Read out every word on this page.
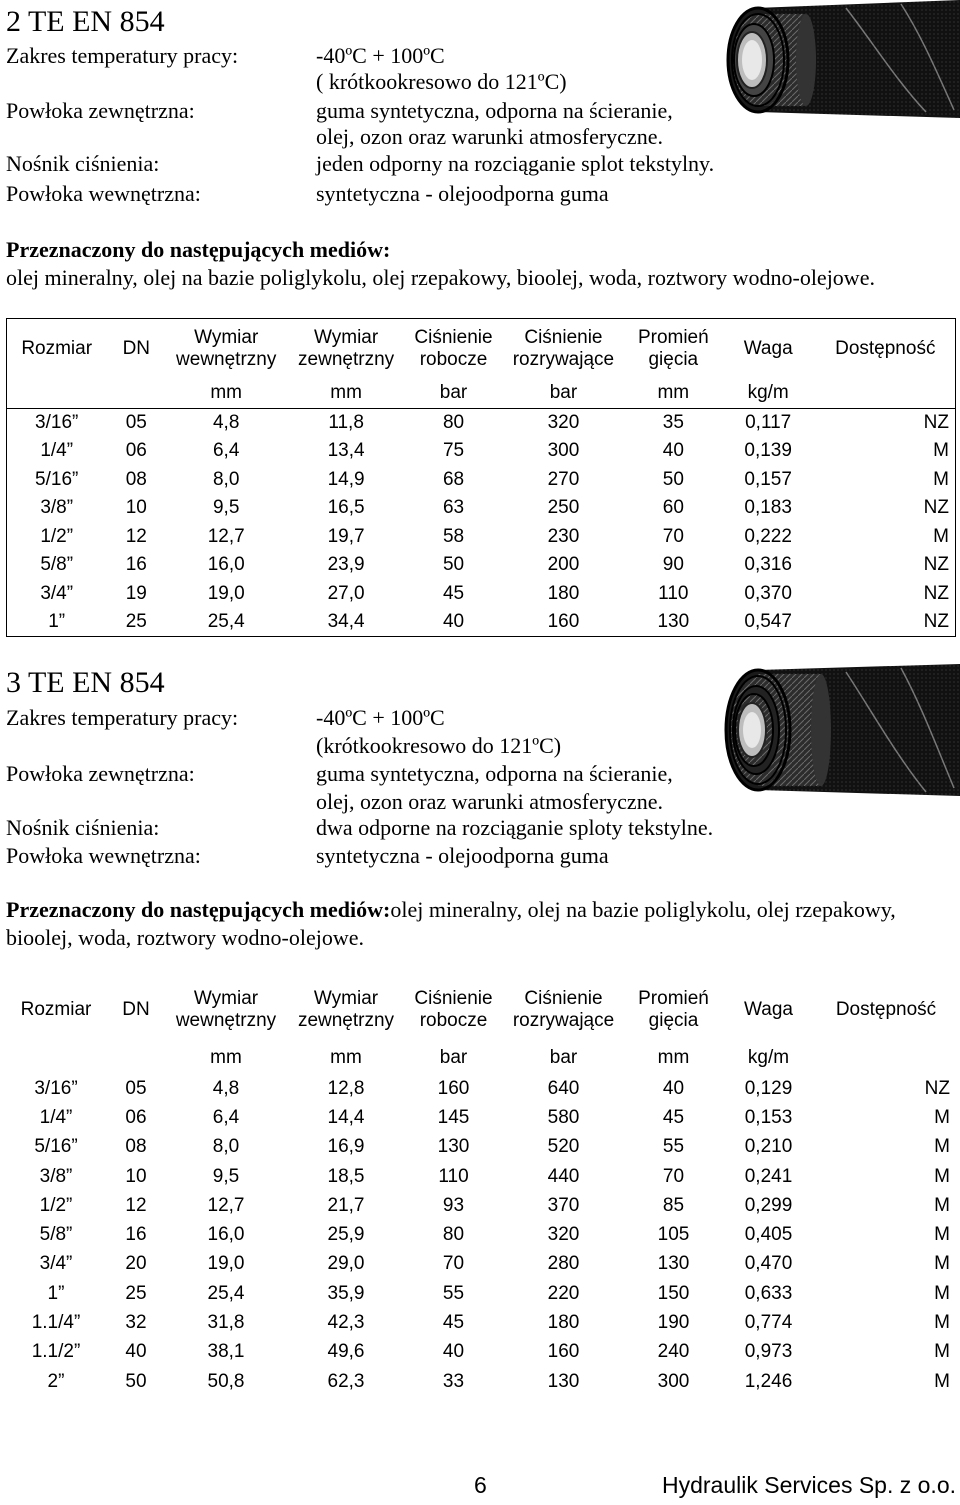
2 TE EN 854
Zakres temperatury pracy:	-40ºC + 100ºC
( krótkookresowo do 121ºC)
Powłoka zewnętrzna:	guma syntetyczna, odporna na ścieranie,
olej, ozon oraz warunki atmosferyczne.
Nośnik ciśnienia:	jeden odporny na rozciąganie splot tekstylny.
Powłoka wewnętrzna:	syntetyczna - olejoodporna guma
Przeznaczony do następujących mediów:
olej mineralny, olej na bazie poliglykolu, olej rzepakowy, bioolej, woda, roztwory wodno-olejowe.
Rozmiar	DN	Wymiar wewnętrzny	Wymiar zewnętrzny	Ciśnienie robocze	Ciśnienie rozrywające	Promień gięcia	Waga	Dostępność
		mm	mm	bar	bar	mm	kg/m	
3/16”	05	4,8	11,8	80	320	35	0,117	NZ
1/4”	06	6,4	13,4	75	300	40	0,139	M
5/16”	08	8,0	14,9	68	270	50	0,157	M
3/8”	10	9,5	16,5	63	250	60	0,183	NZ
1/2”	12	12,7	19,7	58	230	70	0,222	M
5/8”	16	16,0	23,9	50	200	90	0,316	NZ
3/4”	19	19,0	27,0	45	180	110	0,370	NZ
1”	25	25,4	34,4	40	160	130	0,547	NZ
3 TE EN 854
Zakres temperatury pracy:	-40ºC + 100ºC
(krótkookresowo do 121ºC)
Powłoka zewnętrzna:	guma syntetyczna, odporna na ścieranie,
olej, ozon oraz warunki atmosferyczne.
Nośnik ciśnienia:	dwa odporne na rozciąganie sploty tekstylne.
Powłoka wewnętrzna:	syntetyczna - olejoodporna guma
Przeznaczony do następujących mediów:olej mineralny, olej na bazie poliglykolu, olej rzepakowy, bioolej, woda, roztwory wodno-olejowe.
Rozmiar	DN	Wymiar wewnętrzny	Wymiar zewnętrzny	Ciśnienie robocze	Ciśnienie rozrywające	Promień gięcia	Waga	Dostępność
		mm	mm	bar	bar	mm	kg/m	
3/16”	05	4,8	12,8	160	640	40	0,129	NZ
1/4”	06	6,4	14,4	145	580	45	0,153	M
5/16”	08	8,0	16,9	130	520	55	0,210	M
3/8”	10	9,5	18,5	110	440	70	0,241	M
1/2”	12	12,7	21,7	93	370	85	0,299	M
5/8”	16	16,0	25,9	80	320	105	0,405	M
3/4”	20	19,0	29,0	70	280	130	0,470	M
1”	25	25,4	35,9	55	220	150	0,633	M
1.1/4”	32	31,8	42,3	45	180	190	0,774	M
1.1/2”	40	38,1	49,6	40	160	240	0,973	M
2”	50	50,8	62,3	33	130	300	1,246	M
6	Hydraulik Services Sp. z o.o.
